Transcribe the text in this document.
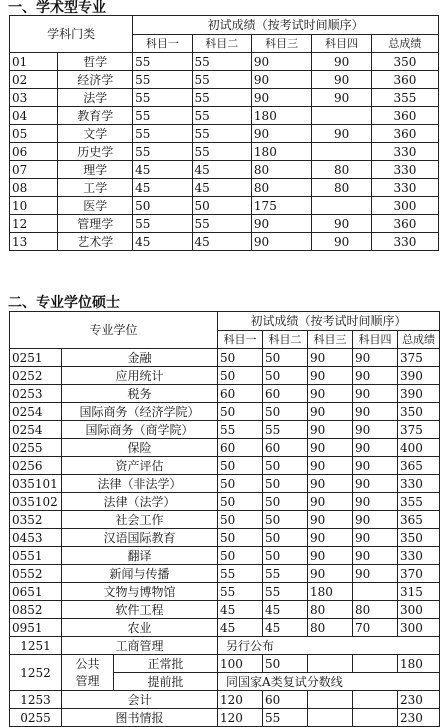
一、学术型专业
学科门类		初试成绩（按考试时间顺序）				
		科目一	科目二	科目三	科目四	总成绩
01	哲学	55	55	90	90	350
02	经济学	55	55	90	90	360
03	法学	55	55	90	90	355
04	教育学	55	55	180		360
05	文学	55	55	90	90	360
06	历史学	55	55	180		330
07	理学	45	45	80	80	330
08	工学	45	45	80	80	330
10	医学	50	50	175		300
12	管理学	55	55	90	90	360
13	艺术学	45	45	90	90	330
二、专业学位硕士
专业学位			初试成绩（按考试时间顺序）				
			科目一	科目二	科目三	科目四	总成绩
0251	金融		50	50	90	90	375
0252	应用统计		50	50	90	90	390
0253	税务		60	60	90	90	390
0254	国际商务（经济学院）		50	50	90	90	350
0254	国际商务（商学院）		55	55	90	90	375
0255	保险		60	60	90	90	400
0256	资产评估		50	50	90	90	365
035101	法律（非法学）		50	50	90	90	330
035102	法律（法学）		50	50	90	90	355
0352	社会工作		50	50	90	90	365
0453	汉语国际教育		50	50	90	90	350
0551	翻译		50	50	90	90	330
0552	新闻与传播		55	55	90	90	370
0651	文物与博物馆		55	55	180		315
0852	软件工程		45	45	80	80	300
0951	农业		45	45	80	70	300
1251	工商管理		另行公布				
1252	公共管理	正常批	100	50			180
		提前批	同国家A类复试分数线				
1253	会计		120	60			230
0255	图书情报		120	55			230
